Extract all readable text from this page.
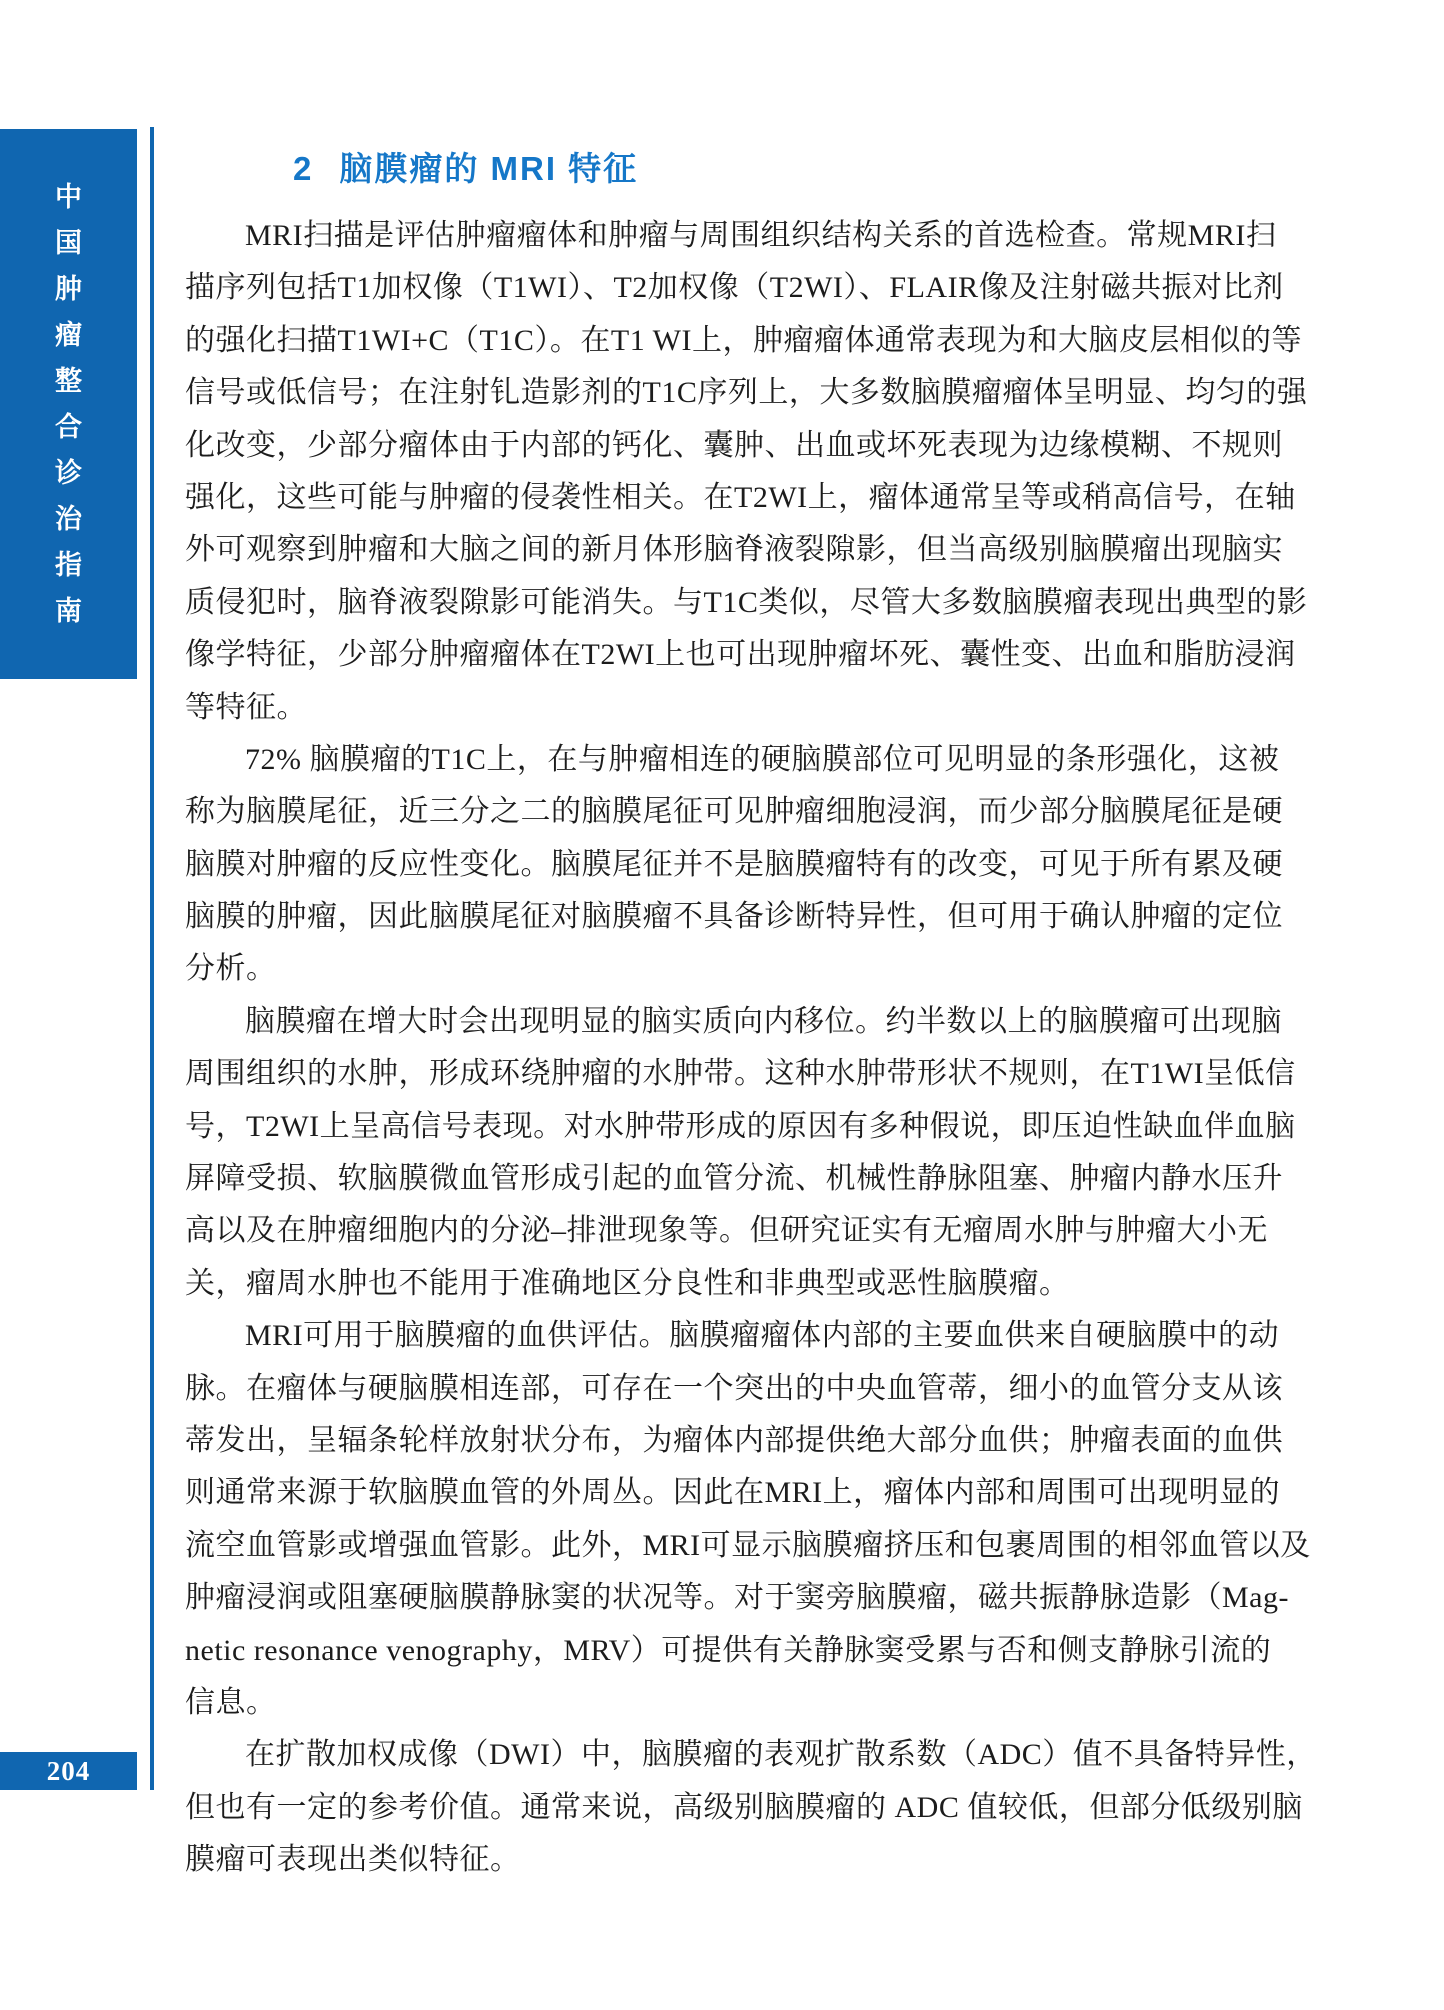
中
国
肿
瘤
整
合
诊
治
指
南
204
2 脑膜瘤的 MRI 特征
MRI扫描是评估肿瘤瘤体和肿瘤与周围组织结构关系的首选检查。常规MRI扫
描序列包括T1加权像（T1WI）、T2加权像（T2WI）、FLAIR像及注射磁共振对比剂
的强化扫描T1WI+C（T1C）。在T1 WI上，肿瘤瘤体通常表现为和大脑皮层相似的等
信号或低信号；在注射钆造影剂的T1C序列上，大多数脑膜瘤瘤体呈明显、均匀的强
化改变，少部分瘤体由于内部的钙化、囊肿、出血或坏死表现为边缘模糊、不规则
强化，这些可能与肿瘤的侵袭性相关。在T2WI上，瘤体通常呈等或稍高信号，在轴
外可观察到肿瘤和大脑之间的新月体形脑脊液裂隙影，但当高级别脑膜瘤出现脑实
质侵犯时，脑脊液裂隙影可能消失。与T1C类似，尽管大多数脑膜瘤表现出典型的影
像学特征，少部分肿瘤瘤体在T2WI上也可出现肿瘤坏死、囊性变、出血和脂肪浸润
等特征。
72% 脑膜瘤的T1C上，在与肿瘤相连的硬脑膜部位可见明显的条形强化，这被
称为脑膜尾征，近三分之二的脑膜尾征可见肿瘤细胞浸润，而少部分脑膜尾征是硬
脑膜对肿瘤的反应性变化。脑膜尾征并不是脑膜瘤特有的改变，可见于所有累及硬
脑膜的肿瘤，因此脑膜尾征对脑膜瘤不具备诊断特异性，但可用于确认肿瘤的定位
分析。
脑膜瘤在增大时会出现明显的脑实质向内移位。约半数以上的脑膜瘤可出现脑
周围组织的水肿，形成环绕肿瘤的水肿带。这种水肿带形状不规则，在T1WI呈低信
号，T2WI上呈高信号表现。对水肿带形成的原因有多种假说，即压迫性缺血伴血脑
屏障受损、软脑膜微血管形成引起的血管分流、机械性静脉阻塞、肿瘤内静水压升
高以及在肿瘤细胞内的分泌–排泄现象等。但研究证实有无瘤周水肿与肿瘤大小无
关，瘤周水肿也不能用于准确地区分良性和非典型或恶性脑膜瘤。
MRI可用于脑膜瘤的血供评估。脑膜瘤瘤体内部的主要血供来自硬脑膜中的动
脉。在瘤体与硬脑膜相连部，可存在一个突出的中央血管蒂，细小的血管分支从该
蒂发出，呈辐条轮样放射状分布，为瘤体内部提供绝大部分血供；肿瘤表面的血供
则通常来源于软脑膜血管的外周丛。因此在MRI上，瘤体内部和周围可出现明显的
流空血管影或增强血管影。此外，MRI可显示脑膜瘤挤压和包裹周围的相邻血管以及
肿瘤浸润或阻塞硬脑膜静脉窦的状况等。对于窦旁脑膜瘤，磁共振静脉造影（Mag-
netic resonance venography，MRV）可提供有关静脉窦受累与否和侧支静脉引流的
信息。
在扩散加权成像（DWI）中，脑膜瘤的表观扩散系数（ADC）值不具备特异性，
但也有一定的参考价值。通常来说，高级别脑膜瘤的 ADC 值较低，但部分低级别脑
膜瘤可表现出类似特征。
